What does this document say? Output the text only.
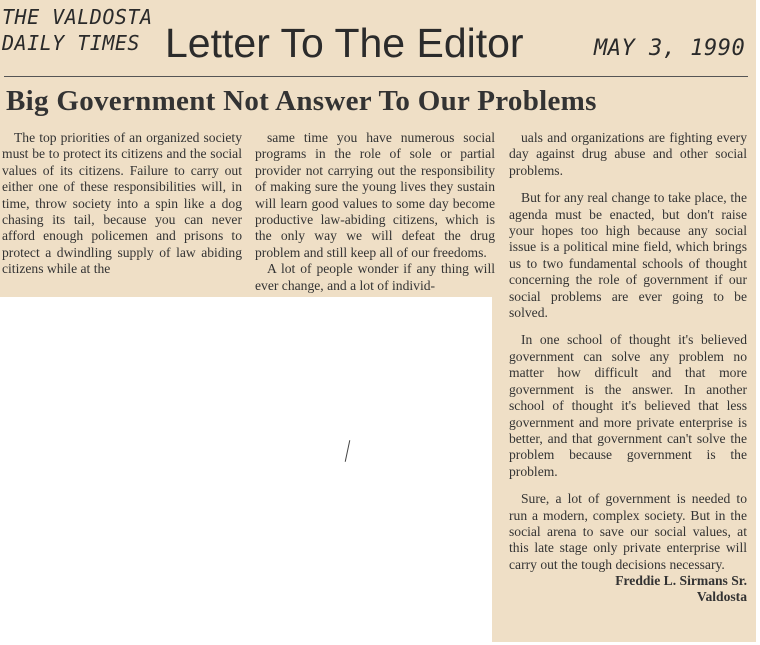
THE VALDOSTA
DAILY TIMES Letter To The Editor	MAY 3, 1990
Big Government Not Answer To Our Problems

The top priorities of an organized society must be to protect its citizens and the social values of its citizens. Failure to carry out either one of these responsibilities will, in time, throw society into a spin like a dog chasing its tail, because you can never afford enough policemen and prisons to protect a dwindling supply of law abiding citizens while at the

same time you have numerous social programs in the role of sole or partial provider not carrying out the responsibility of making sure the young lives they sustain will learn good values to some day become productive law-abiding citizens, which is the only way we will defeat the drug problem and still keep all of our freedoms.

A lot of people wonder if any thing will ever change, and a lot of individ-

uals and organizations are fighting every day against drug abuse and other social problems.

But for any real change to take place, the agenda must be enacted, but don't raise your hopes too high because any social issue is a political mine field, which brings us to two fundamental schools of thought concerning the role of government if our social problems are ever going to be solved.

In one school of thought it's believed government can solve any problem no matter how difficult and that more government is the answer. In another school of thought it's believed that less government and more private enterprise is better, and that government can't solve the problem because government is the problem.

Sure, a lot of government is needed to run a modern, complex society. But in the social arena to save our social values, at this late stage only private enterprise will carry out the tough decisions necessary.

Freddie L. Sirmans Sr.
Valdosta
